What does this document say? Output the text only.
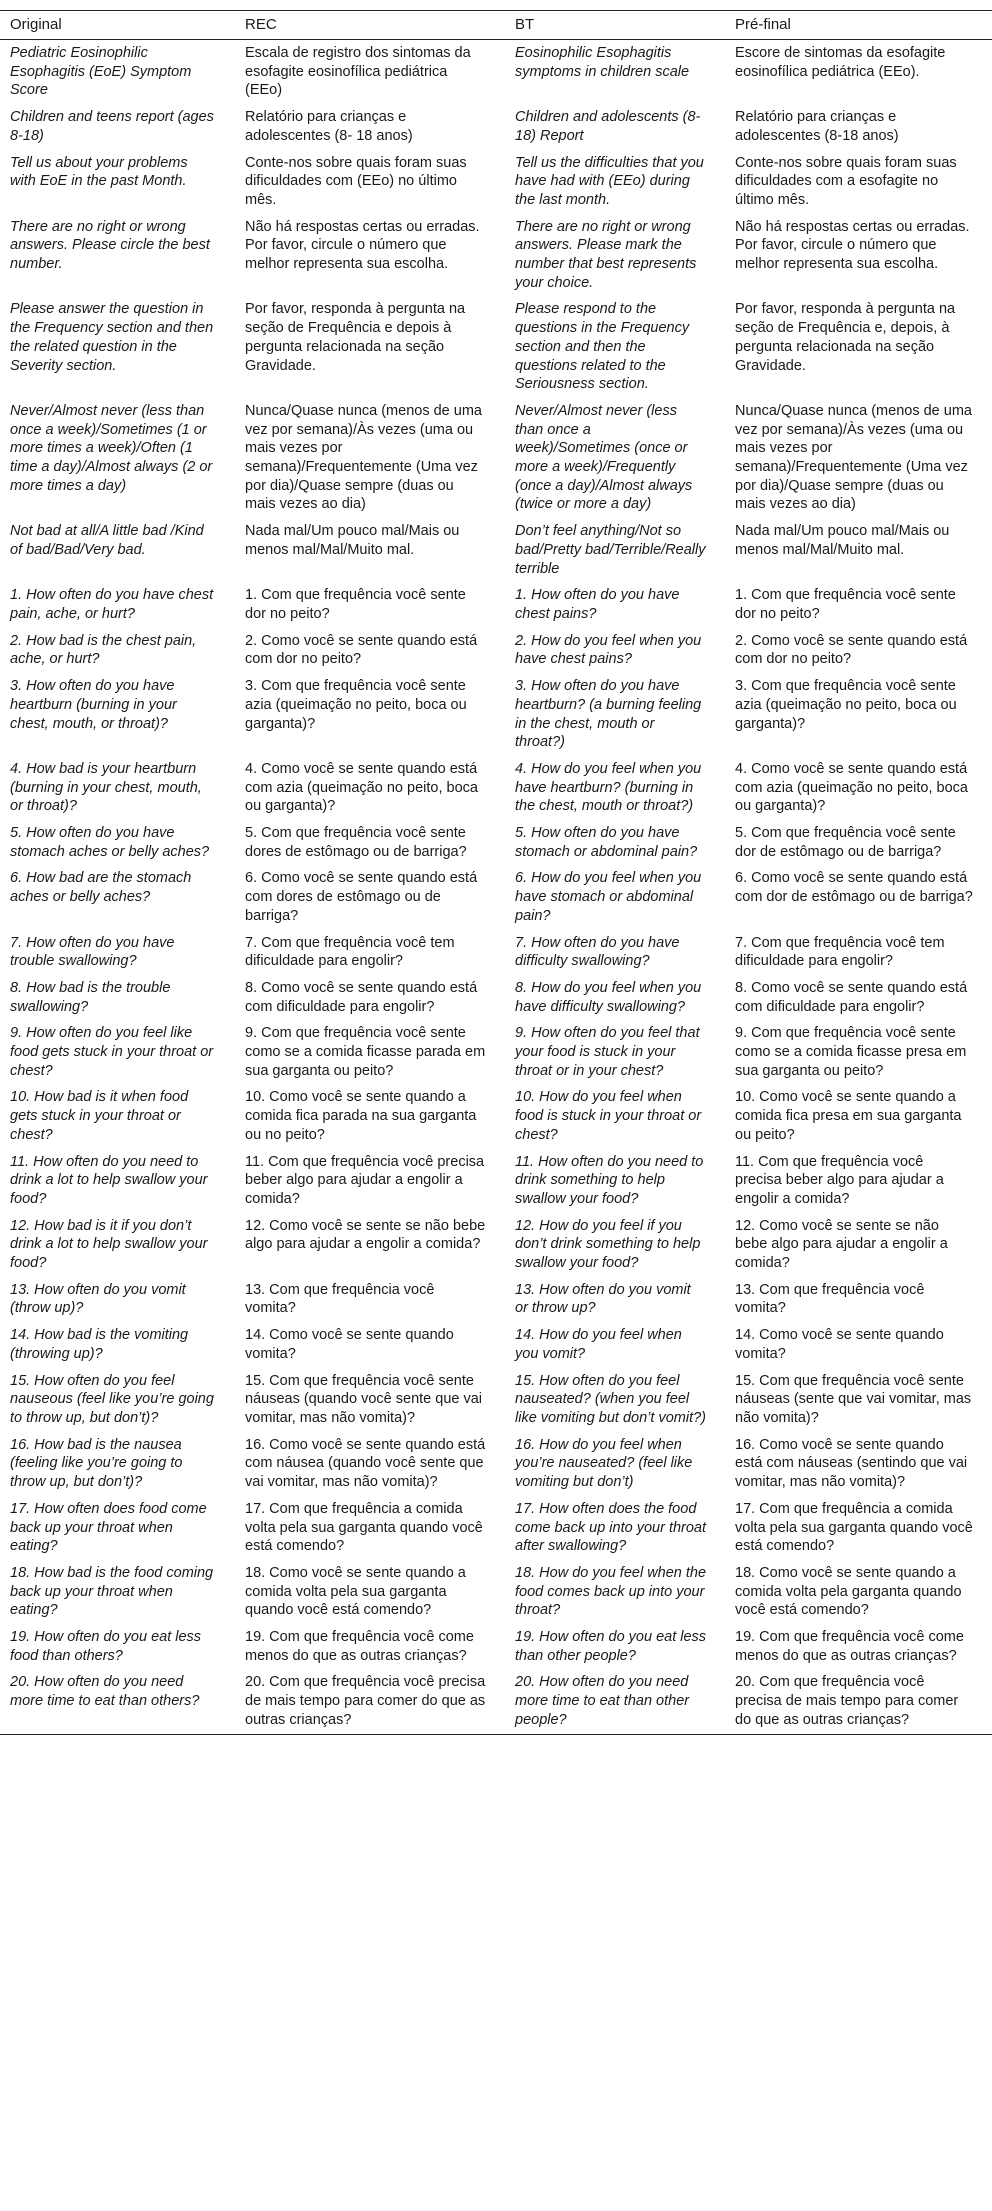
Original	REC	BT	Pré-final
Pediatric Eosinophilic Esophagitis (EoE) Symptom Score	Escala de registro dos sintomas da esofagite eosinofílica pediátrica (EEo)	Eosinophilic Esophagitis symptoms in children scale	Escore de sintomas da esofagite eosinofílica pediátrica (EEo).
Children and teens report (ages 8-18)	Relatório para crianças e adolescentes (8- 18 anos)	Children and adolescents (8-18) Report	Relatório para crianças e adolescentes (8-18 anos)
Tell us about your problems with EoE in the past Month.	Conte-nos sobre quais foram suas dificuldades com (EEo) no último mês.	Tell us the difficulties that you have had with (EEo) during the last month.	Conte-nos sobre quais foram suas dificuldades com a esofagite no último mês.
There are no right or wrong answers. Please circle the best number.	Não há respostas certas ou erradas. Por favor, circule o número que melhor representa sua escolha.	There are no right or wrong answers. Please mark the number that best represents your choice.	Não há respostas certas ou erradas. Por favor, circule o número que melhor representa sua escolha.
Please answer the question in the Frequency section and then the related question in the Severity section.	Por favor, responda à pergunta na seção de Frequência e depois à pergunta relacionada na seção Gravidade.	Please respond to the questions in the Frequency section and then the questions related to the Seriousness section.	Por favor, responda à pergunta na seção de Frequência e, depois, à pergunta relacionada na seção Gravidade.
Never/Almost never (less than once a week)/Sometimes (1 or more times a week)/Often (1 time a day)/Almost always (2 or more times a day)	Nunca/Quase nunca (menos de uma vez por semana)/Às vezes (uma ou mais vezes por semana)/Frequentemente (Uma vez por dia)/Quase sempre (duas ou mais vezes ao dia)	Never/Almost never (less than once a week)/Sometimes (once or more a week)/Frequently (once a day)/Almost always (twice or more a day)	Nunca/Quase nunca (menos de uma vez por semana)/Às vezes (uma ou mais vezes por semana)/Frequentemente (Uma vez por dia)/Quase sempre (duas ou mais vezes ao dia)
Not bad at all/A little bad /Kind of bad/Bad/Very bad.	Nada mal/Um pouco mal/Mais ou menos mal/Mal/Muito mal.	Don’t feel anything/Not so bad/Pretty bad/Terrible/Really terrible	Nada mal/Um pouco mal/Mais ou menos mal/Mal/Muito mal.
1. How often do you have chest pain, ache, or hurt?	1. Com que frequência você sente dor no peito?	1. How often do you have chest pains?	1. Com que frequência você sente dor no peito?
2. How bad is the chest pain, ache, or hurt?	2. Como você se sente quando está com dor no peito?	2. How do you feel when you have chest pains?	2. Como você se sente quando está com dor no peito?
3. How often do you have heartburn (burning in your chest, mouth, or throat)?	3. Com que frequência você sente azia (queimação no peito, boca ou garganta)?	3. How often do you have heartburn? (a burning feeling in the chest, mouth or throat?)	3. Com que frequência você sente azia (queimação no peito, boca ou garganta)?
4. How bad is your heartburn (burning in your chest, mouth, or throat)?	4. Como você se sente quando está com azia (queimação no peito, boca ou garganta)?	4. How do you feel when you have heartburn? (burning in the chest, mouth or throat?)	4. Como você se sente quando está com azia (queimação no peito, boca ou garganta)?
5. How often do you have stomach aches or belly aches?	5. Com que frequência você sente dores de estômago ou de barriga?	5. How often do you have stomach or abdominal pain?	5. Com que frequência você sente dor de estômago ou de barriga?
6. How bad are the stomach aches or belly aches?	6. Como você se sente quando está com dores de estômago ou de barriga?	6. How do you feel when you have stomach or abdominal pain?	6. Como você se sente quando está com dor de estômago ou de barriga?
7. How often do you have trouble swallowing?	7. Com que frequência você tem dificuldade para engolir?	7. How often do you have difficulty swallowing?	7. Com que frequência você tem dificuldade para engolir?
8. How bad is the trouble swallowing?	8. Como você se sente quando está com dificuldade para engolir?	8. How do you feel when you have difficulty swallowing?	8. Como você se sente quando está com dificuldade para engolir?
9. How often do you feel like food gets stuck in your throat or chest?	9. Com que frequência você sente como se a comida ficasse parada em sua garganta ou peito?	9. How often do you feel that your food is stuck in your throat or in your chest?	9. Com que frequência você sente como se a comida ficasse presa em sua garganta ou peito?
10. How bad is it when food gets stuck in your throat or chest?	10. Como você se sente quando a comida fica parada na sua garganta ou no peito?	10. How do you feel when food is stuck in your throat or chest?	10. Como você se sente quando a comida fica presa em sua garganta ou peito?
11. How often do you need to drink a lot to help swallow your food?	11. Com que frequência você precisa beber algo para ajudar a engolir a comida?	11. How often do you need to drink something to help swallow your food?	11. Com que frequência você precisa beber algo para ajudar a engolir a comida?
12. How bad is it if you don’t drink a lot to help swallow your food?	12. Como você se sente se não bebe algo para ajudar a engolir a comida?	12. How do you feel if you don’t drink something to help swallow your food?	12. Como você se sente se não bebe algo para ajudar a engolir a comida?
13. How often do you vomit (throw up)?	13. Com que frequência você vomita?	13. How often do you vomit or throw up?	13. Com que frequência você vomita?
14. How bad is the vomiting (throwing up)?	14. Como você se sente quando vomita?	14. How do you feel when you vomit?	14. Como você se sente quando vomita?
15. How often do you feel nauseous (feel like you’re going to throw up, but don’t)?	15. Com que frequência você sente náuseas (quando você sente que vai vomitar, mas não vomita)?	15. How often do you feel nauseated? (when you feel like vomiting but don’t vomit?)	15. Com que frequência você sente náuseas (sente que vai vomitar, mas não vomita)?
16. How bad is the nausea (feeling like you’re going to throw up, but don’t)?	16. Como você se sente quando está com náusea (quando você sente que vai vomitar, mas não vomita)?	16. How do you feel when you’re nauseated? (feel like vomiting but don’t)	16. Como você se sente quando está com náuseas (sentindo que vai vomitar, mas não vomita)?
17. How often does food come back up your throat when eating?	17. Com que frequência a comida volta pela sua garganta quando você está comendo?	17. How often does the food come back up into your throat after swallowing?	17. Com que frequência a comida volta pela sua garganta quando você está comendo?
18. How bad is the food coming back up your throat when eating?	18. Como você se sente quando a comida volta pela sua garganta quando você está comendo?	18. How do you feel when the food comes back up into your throat?	18. Como você se sente quando a comida volta pela garganta quando você está comendo?
19. How often do you eat less food than others?	19. Com que frequência você come menos do que as outras crianças?	19. How often do you eat less than other people?	19. Com que frequência você come menos do que as outras crianças?
20. How often do you need more time to eat than others?	20. Com que frequência você precisa de mais tempo para comer do que as outras crianças?	20. How often do you need more time to eat than other people?	20. Com que frequência você precisa de mais tempo para comer do que as outras crianças?
